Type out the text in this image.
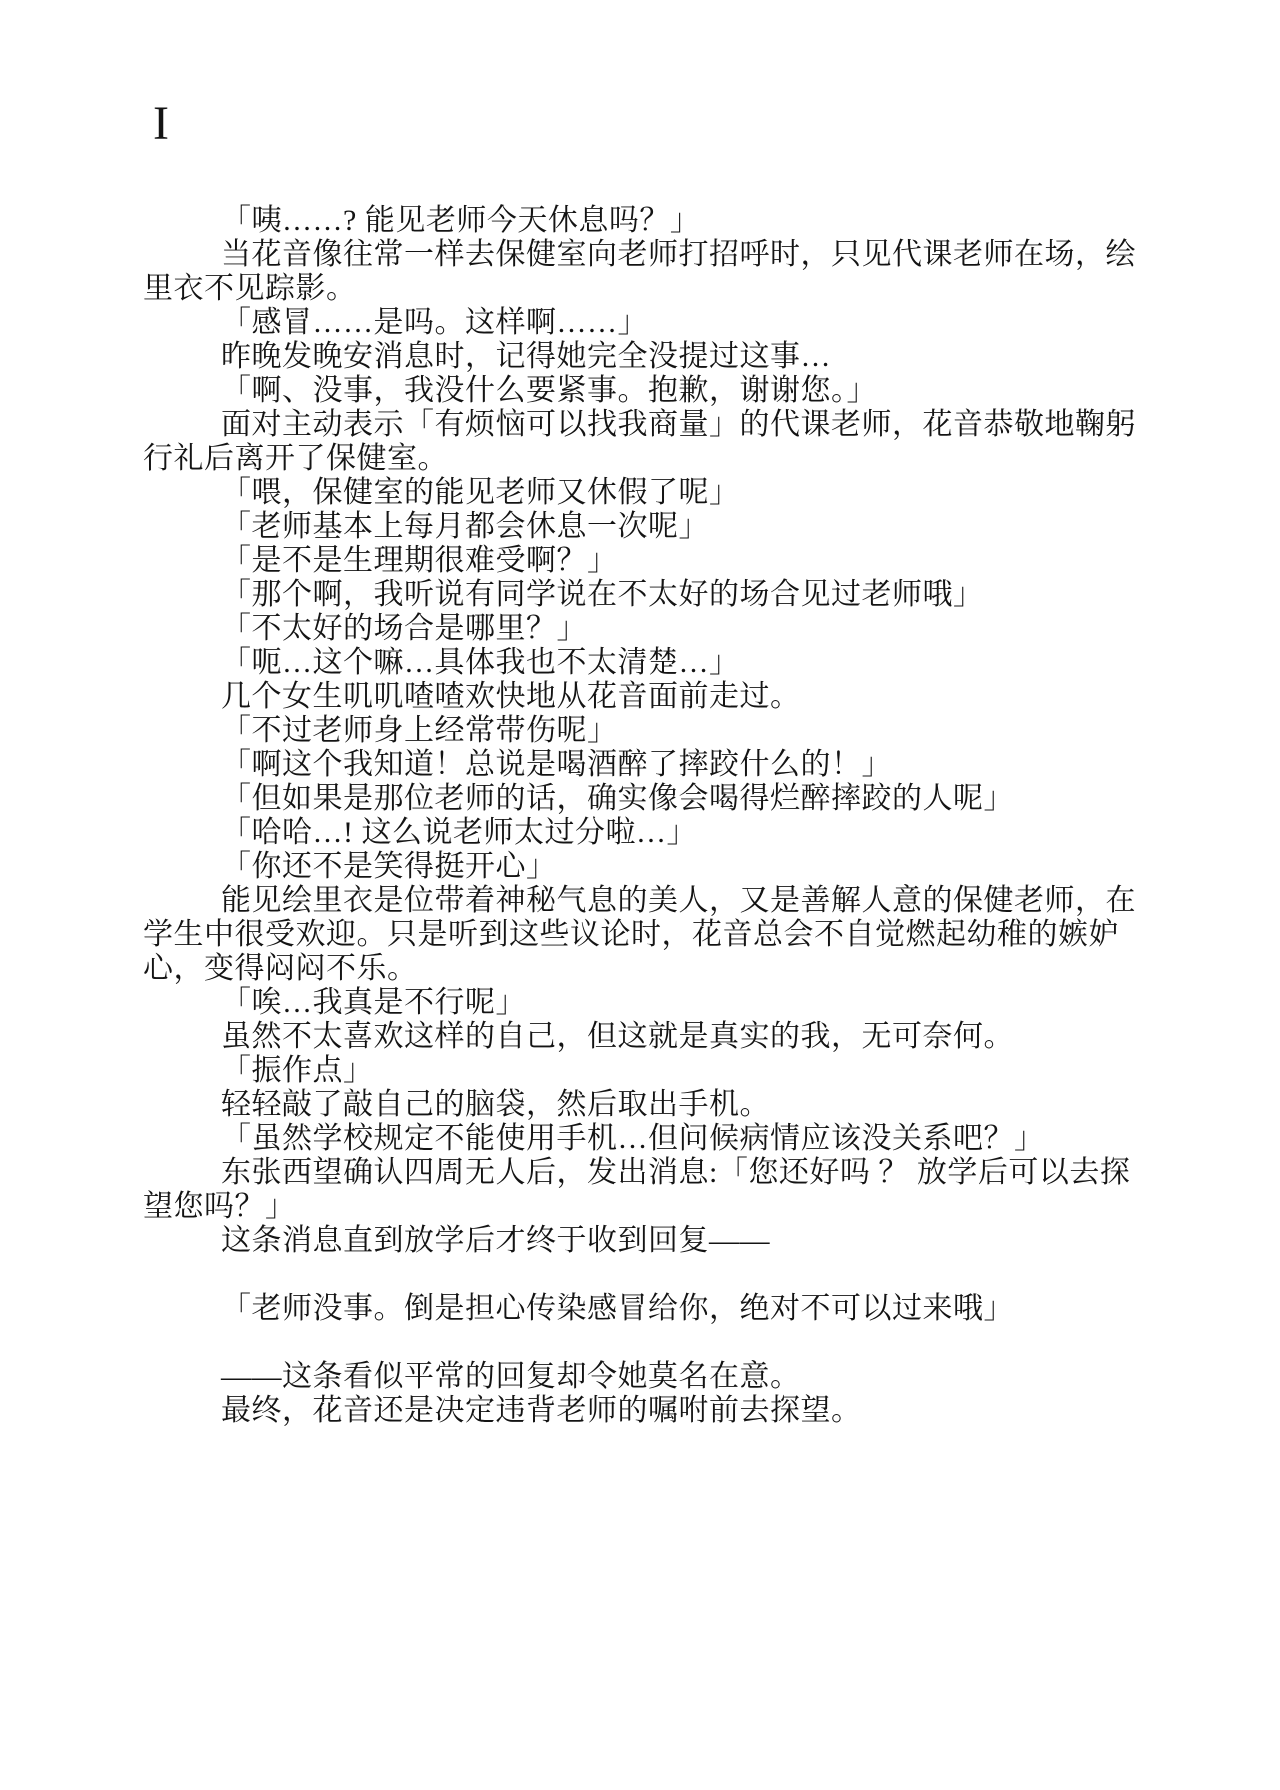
I

「咦……? 能见老师今天休息吗？」

当花音像往常一样去保健室向老师打招呼时，只见代课老师在场，绘里衣不见踪影。

「感冒……是吗。这样啊……」

昨晚发晚安消息时，记得她完全没提过这事…

「啊、没事，我没什么要紧事。抱歉，谢谢您。」

面对主动表示「有烦恼可以找我商量」的代课老师，花音恭敬地鞠躬行礼后离开了保健室。

「喂，保健室的能见老师又休假了呢」

「老师基本上每月都会休息一次呢」

「是不是生理期很难受啊？」

「那个啊，我听说有同学说在不太好的场合见过老师哦」

「不太好的场合是哪里？」

「呃…这个嘛…具体我也不太清楚…」

几个女生叽叽喳喳欢快地从花音面前走过。

「不过老师身上经常带伤呢」

「啊这个我知道！总说是喝酒醉了摔跤什么的！」

「但如果是那位老师的话，确实像会喝得烂醉摔跤的人呢」

「哈哈…! 这么说老师太过分啦…」

「你还不是笑得挺开心」

能见绘里衣是位带着神秘气息的美人，又是善解人意的保健老师，在学生中很受欢迎。只是听到这些议论时，花音总会不自觉燃起幼稚的嫉妒心，变得闷闷不乐。

「唉…我真是不行呢」

虽然不太喜欢这样的自己，但这就是真实的我，无可奈何。

「振作点」

轻轻敲了敲自己的脑袋，然后取出手机。

「虽然学校规定不能使用手机…但问候病情应该没关系吧？」

东张西望确认四周无人后，发出消息:「您还好吗 ？ 放学后可以去探望您吗？」

这条消息直到放学后才终于收到回复——

「老师没事。倒是担心传染感冒给你，绝对不可以过来哦」

——这条看似平常的回复却令她莫名在意。

最终，花音还是决定违背老师的嘱咐前去探望。
